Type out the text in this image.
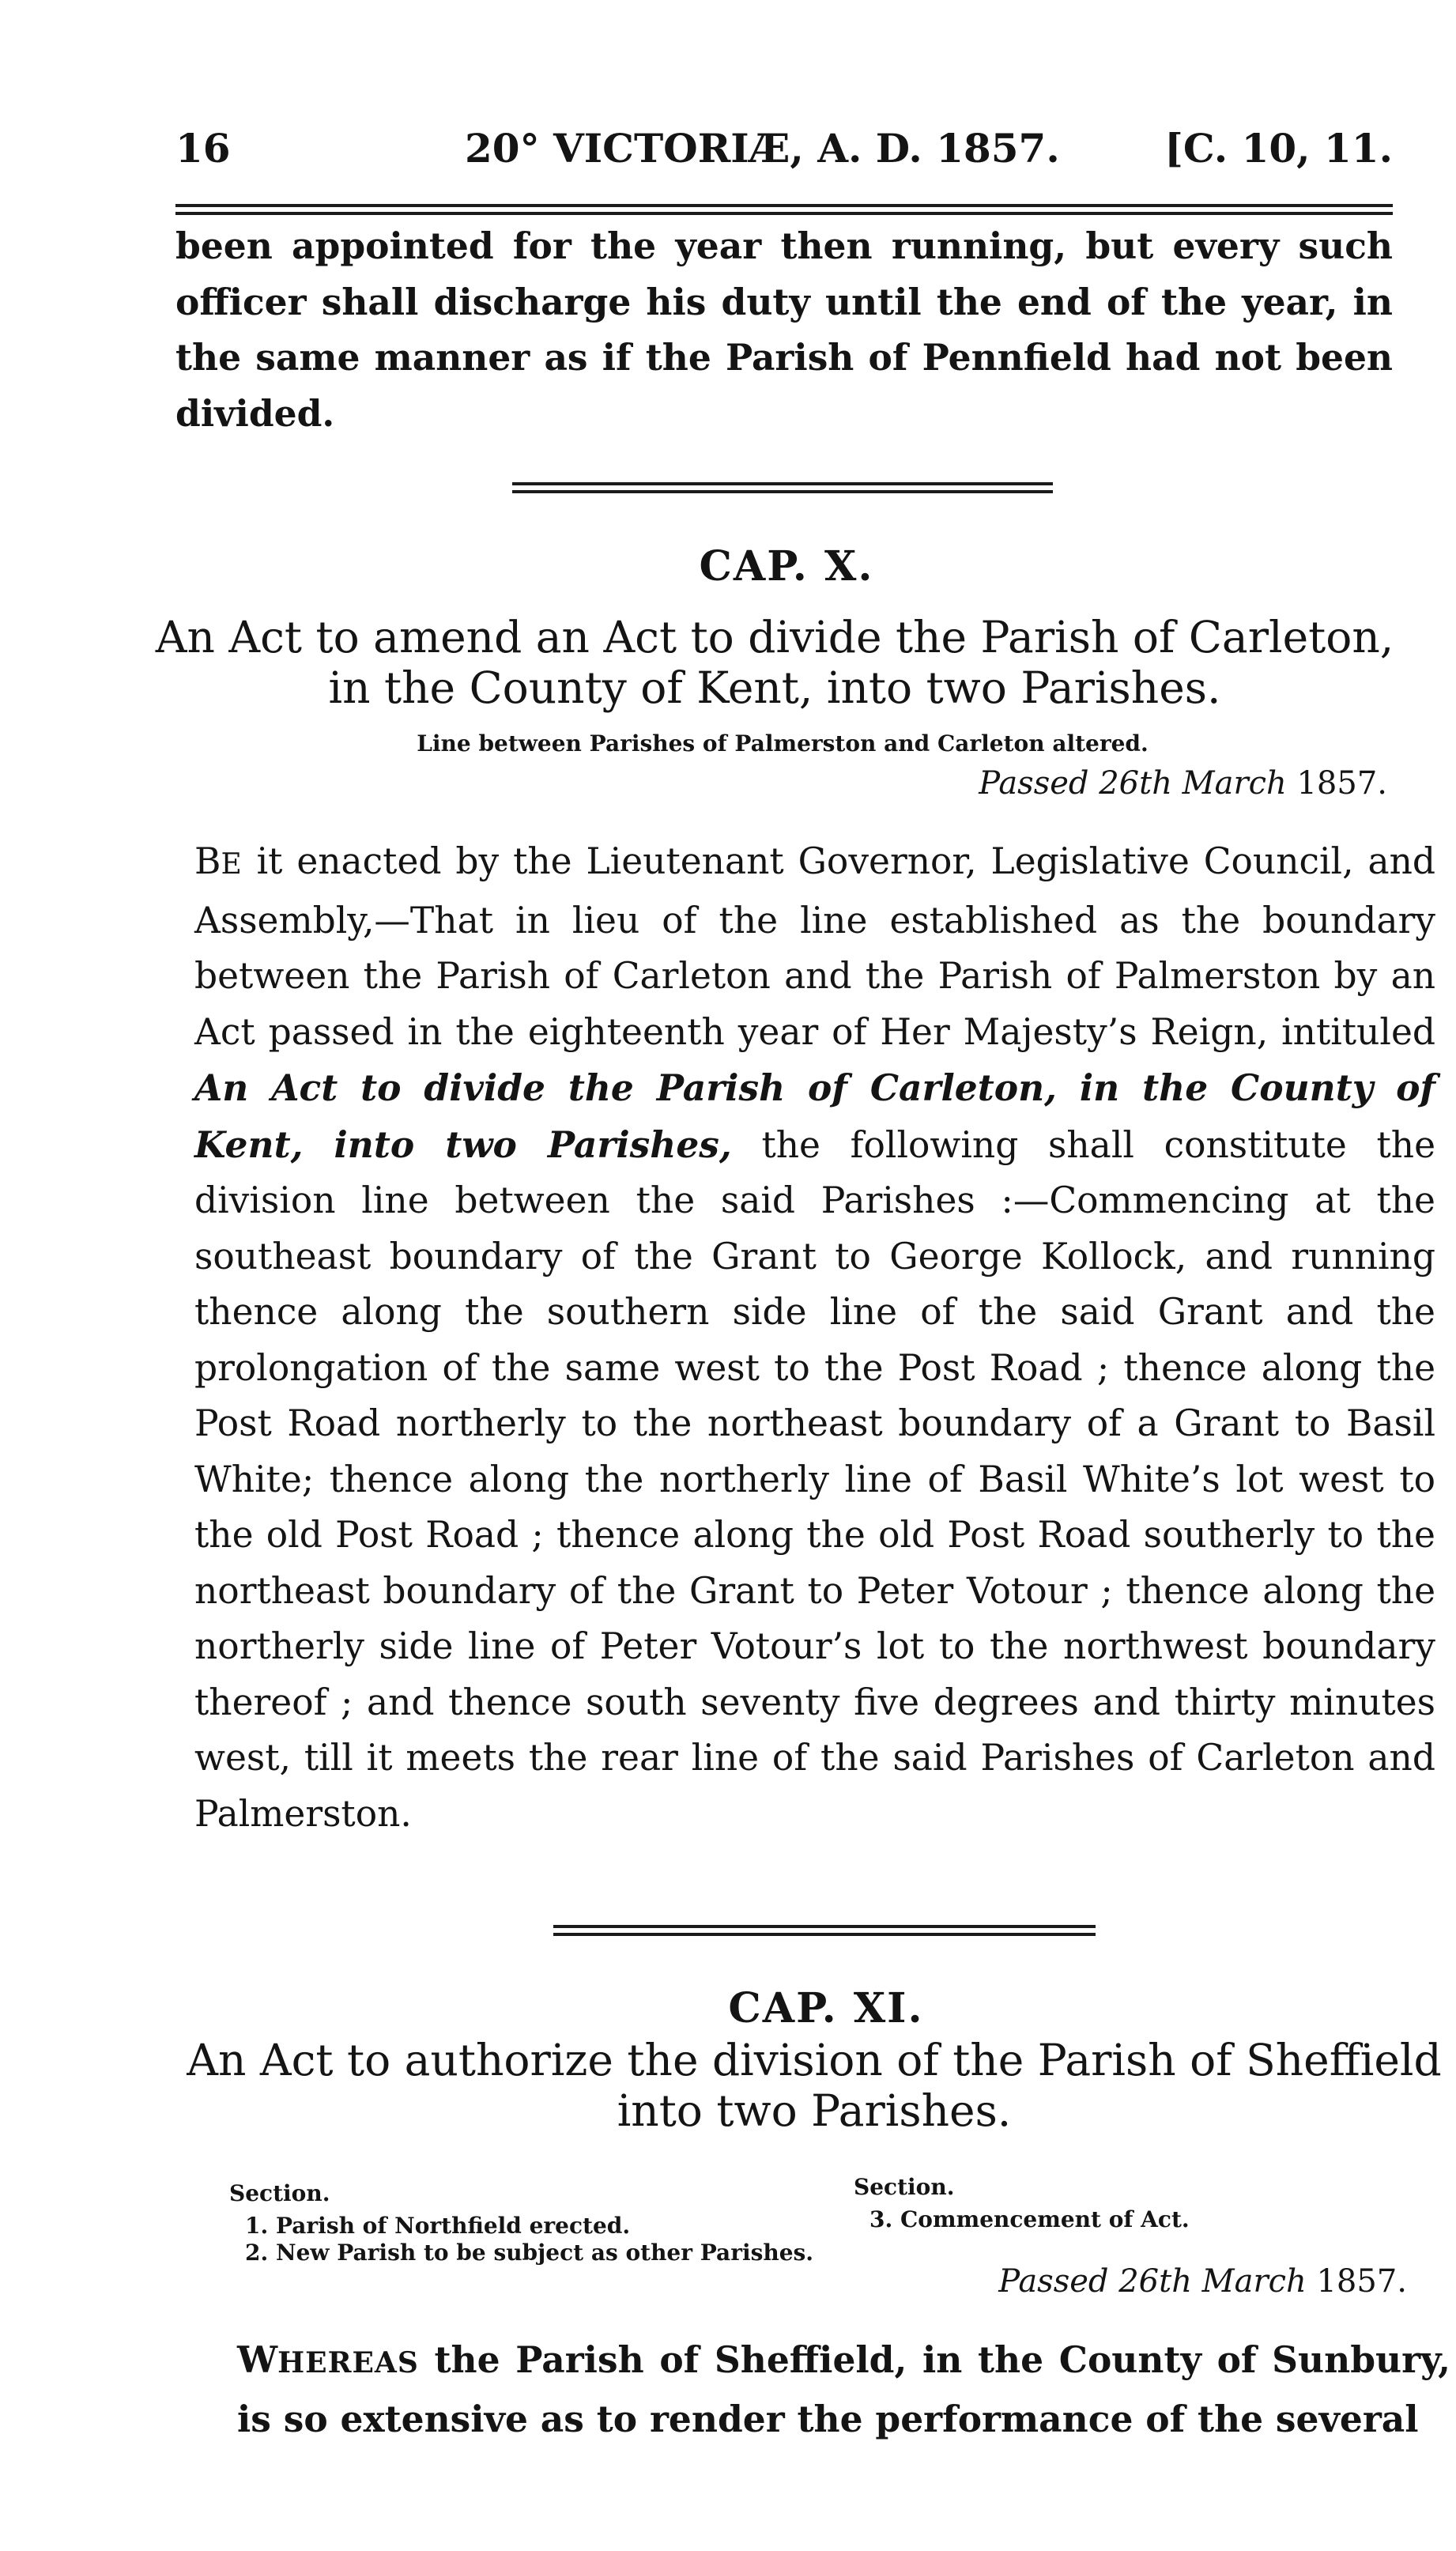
16	20° VICTORIÆ, A. D. 1857.	[C. 10, 11.
been appointed for the year then running, but every such officer shall discharge his duty until the end of the year, in the same manner as if the Parish of Pennfield had not been divided.
CAP. X.
An Act to amend an Act to divide the Parish of Carleton, in the County of Kent, into two Parishes.
Line between Parishes of Palmerston and Carleton altered.
Passed 26th March 1857.
BE it enacted by the Lieutenant Governor, Legislative Council, and Assembly,—That in lieu of the line established as the boundary between the Parish of Carleton and the Parish of Palmerston by an Act passed in the eighteenth year of Her Majesty’s Reign, intituled An Act to divide the Parish of Carleton, in the County of Kent, into two Parishes, the following shall constitute the division line between the said Parishes :—Commencing at the southeast boundary of the Grant to George Kollock, and running thence along the southern side line of the said Grant and the prolongation of the same west to the Post Road ; thence along the Post Road northerly to the northeast boundary of a Grant to Basil White; thence along the northerly line of Basil White’s lot west to the old Post Road ; thence along the old Post Road southerly to the northeast boundary of the Grant to Peter Votour ; thence along the northerly side line of Peter Votour’s lot to the northwest boundary thereof ; and thence south seventy five degrees and thirty minutes west, till it meets the rear line of the said Parishes of Carleton and Palmerston.
CAP. XI.
An Act to authorize the division of the Parish of Sheffield into two Parishes.
Section.
1. Parish of Northfield erected.
2. New Parish to be subject as other Parishes.
Section.
3. Commencement of Act.
Passed 26th March 1857.
WHEREAS the Parish of Sheffield, in the County of Sunbury, is so extensive as to render the performance of the several
